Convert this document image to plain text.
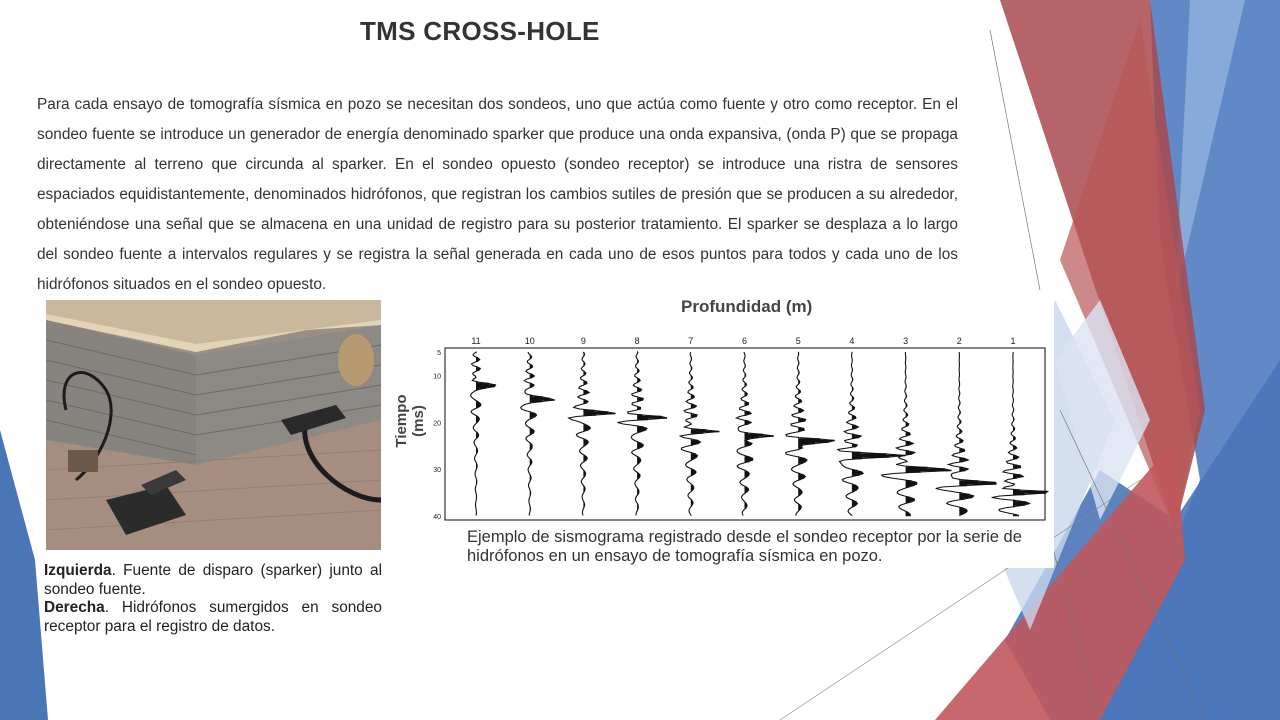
TMS CROSS-HOLE
Para cada ensayo de tomografía sísmica en pozo se necesitan dos sondeos, uno que actúa como fuente y otro como receptor. En el sondeo fuente se introduce un generador de energía denominado sparker que produce una onda expansiva, (onda P) que se propaga directamente al terreno que circunda al sparker. En el sondeo opuesto (sondeo receptor) se introduce una ristra de sensores espaciados equidistantemente, denominados hidrófonos, que registran los cambios sutiles de presión que se producen a su alrededor, obteniéndose una señal que se almacena en una unidad de registro para su posterior tratamiento. El sparker se desplaza a lo largo del sondeo fuente a intervalos regulares y se registra la señal generada en cada uno de esos puntos para todos y cada uno de los hidrófonos situados en el sondeo opuesto.
Izquierda. Fuente de disparo (sparker) junto al sondeo fuente.
Derecha. Hidrófonos sumergidos en sondeo receptor para el registro de datos.
Profundidad (m)
Tiempo (ms)
11	10	9	8	7	6	5	4	3	2	1
5
10
20
30
40
Ejemplo de sismograma registrado desde el sondeo receptor por la serie de hidrófonos en un ensayo de tomografía sísmica en pozo.
